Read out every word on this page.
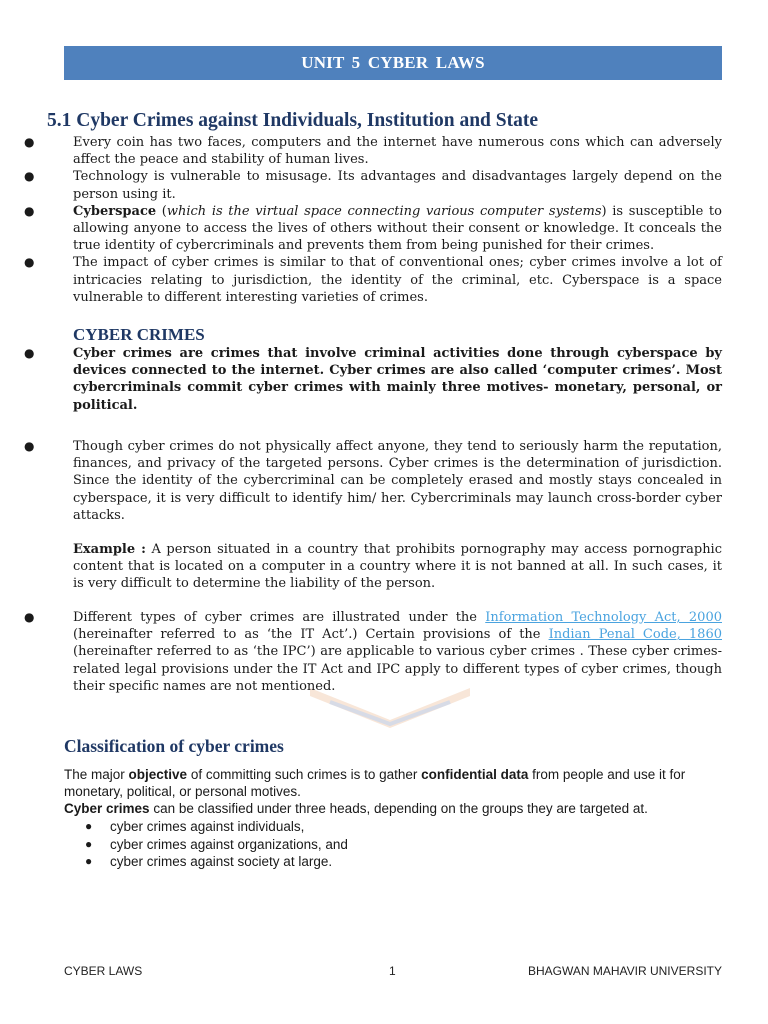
UNIT 5 CYBER LAWS
5.1 Cyber Crimes against Individuals, Institution and State
●	Every coin has two faces, computers and the internet have numerous cons which can adversely affect the peace and stability of human lives.
●	Technology is vulnerable to misusage. Its advantages and disadvantages largely depend on the person using it.
●	Cyberspace (which is the virtual space connecting various computer systems) is susceptible to allowing anyone to access the lives of others without their consent or knowledge. It conceals the true identity of cybercriminals and prevents them from being punished for their crimes.
●	The impact of cyber crimes is similar to that of conventional ones; cyber crimes involve a lot of intricacies relating to jurisdiction, the identity of the criminal, etc. Cyberspace is a space vulnerable to different interesting varieties of crimes.
CYBER CRIMES
●	Cyber crimes are crimes that involve criminal activities done through cyberspace by devices connected to the internet. Cyber crimes are also called ‘computer crimes’. Most cybercriminals commit cyber crimes with mainly three motives- monetary, personal, or political.
●	Though cyber crimes do not physically affect anyone, they tend to seriously harm the reputation, finances, and privacy of the targeted persons. Cyber crimes is the determination of jurisdiction. Since the identity of the cybercriminal can be completely erased and mostly stays concealed in cyberspace, it is very difficult to identify him/ her. Cybercriminals may launch cross-border cyber attacks.

Example : A person situated in a country that prohibits pornography may access pornographic content that is located on a computer in a country where it is not banned at all. In such cases, it is very difficult to determine the liability of the person.

●	Different types of cyber crimes are illustrated under the Information Technology Act, 2000 (hereinafter referred to as ‘the IT Act’.) Certain provisions of the Indian Penal Code, 1860 (hereinafter referred to as ‘the IPC’) are applicable to various cyber crimes . These cyber crimes-related legal provisions under the IT Act and IPC apply to different types of cyber crimes, though their specific names are not mentioned.
Classification of cyber crimes

The major objective of committing such crimes is to gather confidential data from people and use it for monetary, political, or personal motives.
Cyber crimes can be classified under three heads, depending on the groups they are targeted at.

● cyber crimes against individuals,
● cyber crimes against organizations, and
● cyber crimes against society at large.
CYBER LAWS	1	BHAGWAN MAHAVIR UNIVERSITY
